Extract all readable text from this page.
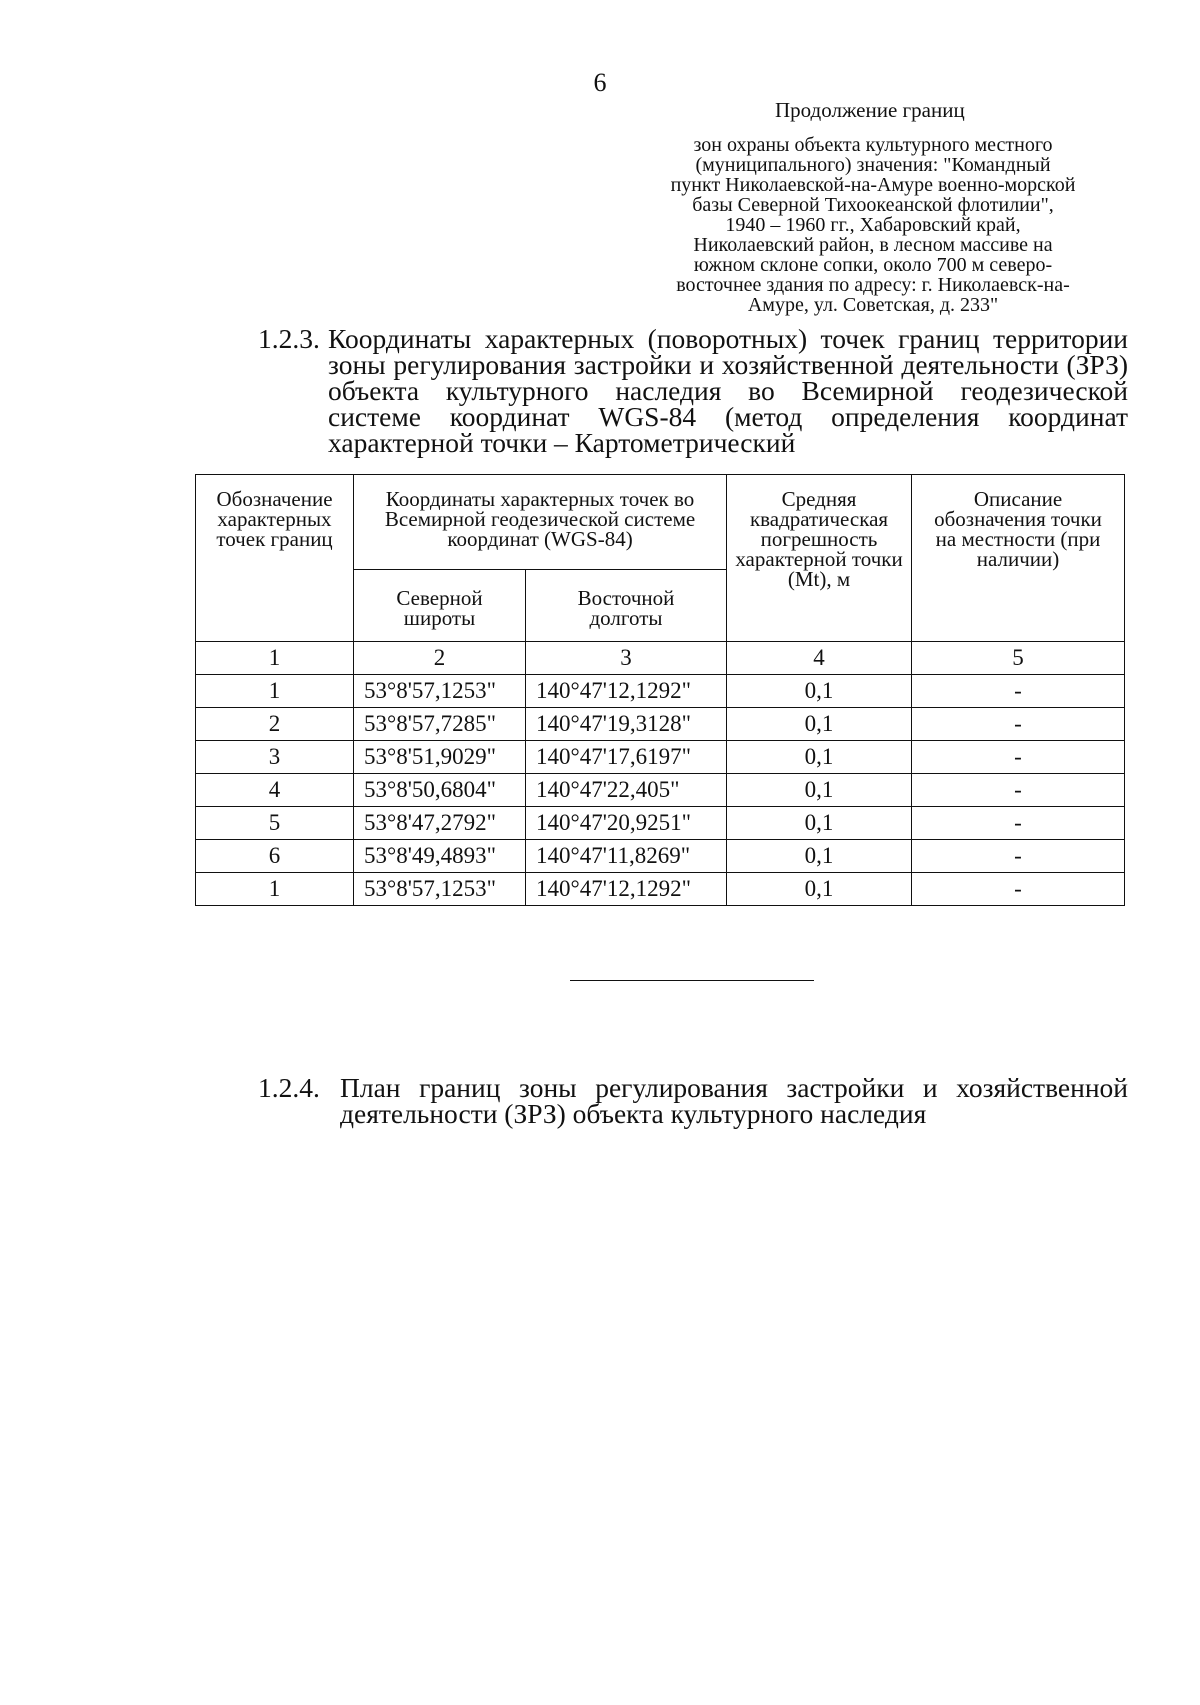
6
Продолжение границ
зон охраны объекта культурного местного
(муниципального) значения: "Командный
пункт Николаевской-на-Амуре военно-морской
базы Северной Тихоокеанской флотилии",
1940 – 1960 гг., Хабаровский край,
Николаевский район, в лесном массиве на
южном склоне сопки, около 700 м северо-
восточнее здания по адресу: г. Николаевск-на-
Амуре, ул. Советская, д. 233"
1.2.3. Координаты характерных (поворотных) точек границ территории зоны регулирования застройки и хозяйственной деятельности (ЗРЗ) объекта культурного наследия во Всемирной геодезической системе координат WGS-84 (метод определения координат характерной точки – Картометрический
Обозначение характерных точек границ	Координаты характерных точек во Всемирной геодезической системе координат (WGS-84)		Средняя квадратическая погрешность характерной точки (Mt), м	Описание обозначения точки на местности (при наличии)
	Северной широты	Восточной долготы		
1	2	3	4	5
1	53°8'57,1253"	140°47'12,1292"	0,1	-
2	53°8'57,7285"	140°47'19,3128"	0,1	-
3	53°8'51,9029"	140°47'17,6197"	0,1	-
4	53°8'50,6804"	140°47'22,405"	0,1	-
5	53°8'47,2792"	140°47'20,9251"	0,1	-
6	53°8'49,4893"	140°47'11,8269"	0,1	-
1	53°8'57,1253"	140°47'12,1292"	0,1	-
1.2.4. План границ зоны регулирования застройки и хозяйственной деятельности (ЗРЗ) объекта культурного наследия
